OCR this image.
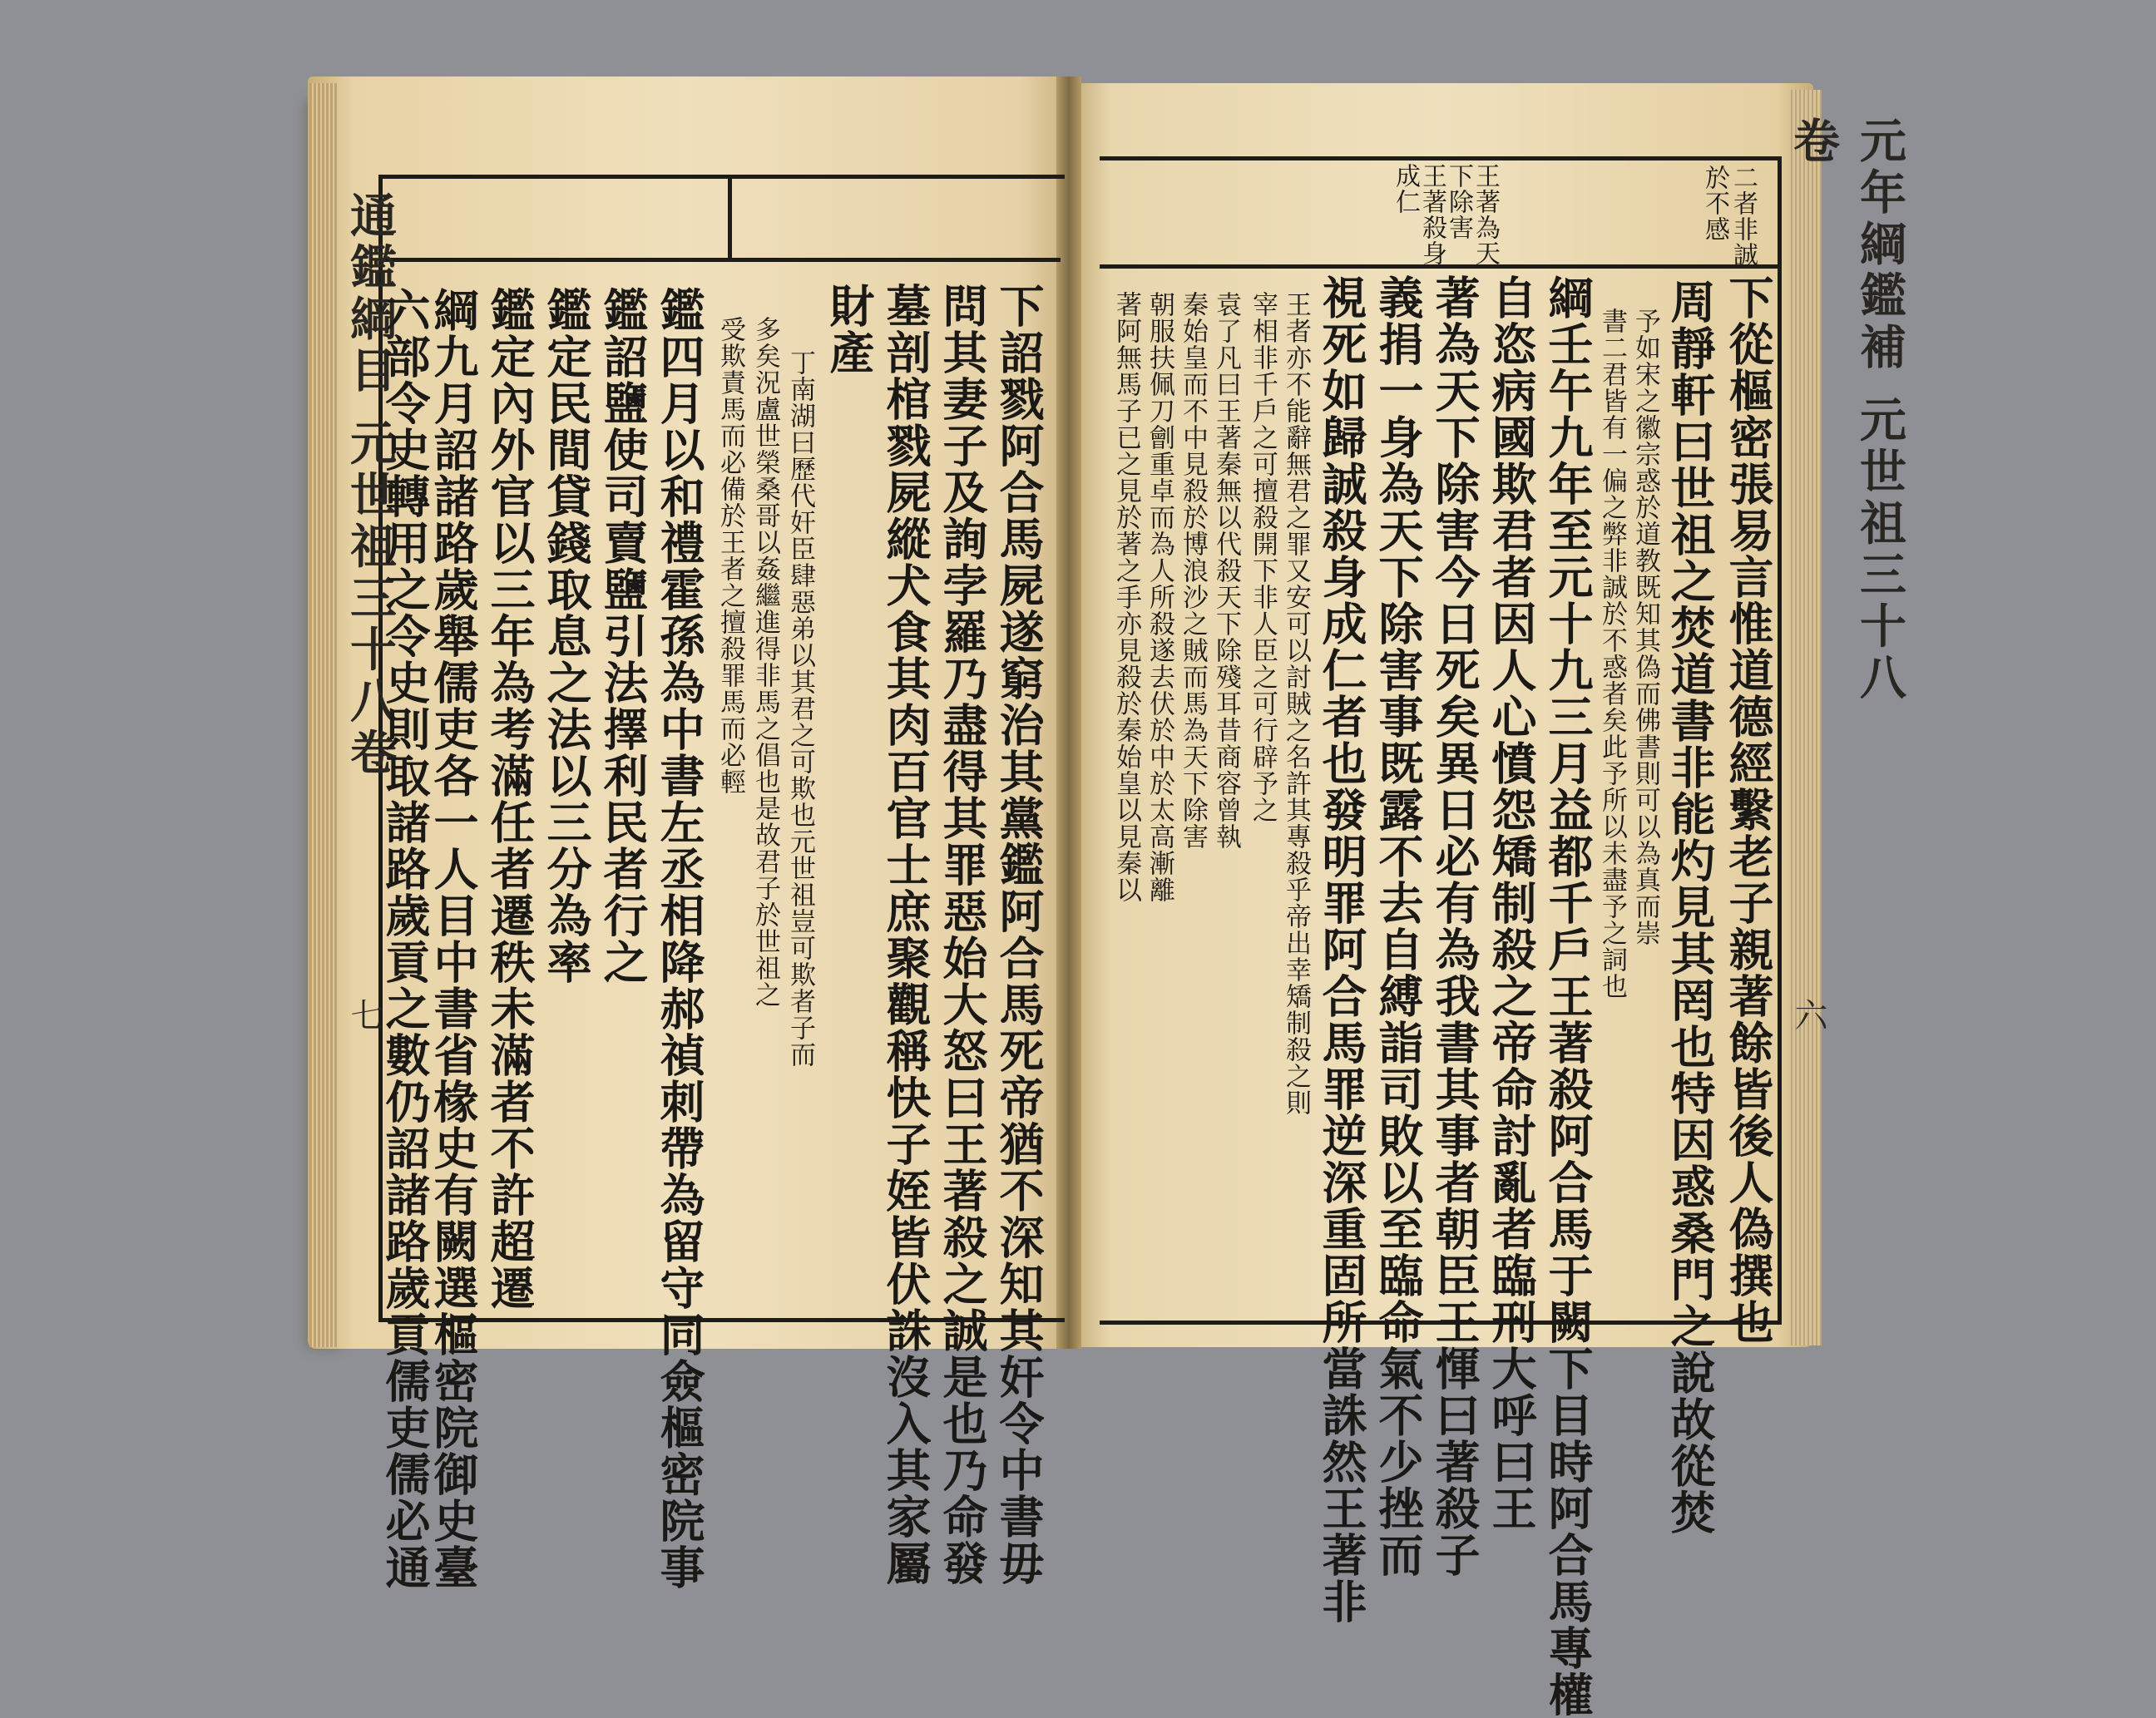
通鑑綱目 元世祖三十八卷
七	下詔戮阿合馬屍遂窮治其黨鑑阿合馬死帝猶不深知其奸令中書毋
問其妻子及詢孛羅乃盡得其罪惡始大怒曰王著殺之誠是也乃命發
墓剖棺戮屍縱犬食其肉百官士庶聚觀稱快子姪皆伏誅沒入其家屬
財產
丁南湖曰歷代奸臣肆惡弟以其君之可欺也元世祖豈可欺者子而
多矣況盧世榮桑哥以姦繼進得非馬之倡也是故君子於世祖之
受欺責馬而必備於王者之擅殺罪馬而必輕
鑑四月以和禮霍孫為中書左丞相降郝禎刺帶為留守同僉樞密院事
鑑詔鹽使司賣鹽引法擇利民者行之
鑑定民間貸錢取息之法以三分為率
鑑定內外官以三年為考滿任者遷秩未滿者不許超遷
綱九月詔諸路歲舉儒吏各一人目中書省椽史有闕選樞密院御史臺
六部令史轉用之令史則取諸路歲貢之數仍詔諸路歲貢儒吏儒必通	元年綱鑑補 元世祖三十八卷
六
二者非誠
於不感
王著為天
下除害
王著殺身
成仁
下從樞密張易言惟道德經繫老子親著餘皆後人偽撰也
周靜軒曰世祖之焚道書非能灼見其罔也特因惑桑門之說故從焚
予如宋之徽宗惑於道教既知其偽而佛書則可以為真而崇
書二君皆有一偏之弊非誠於不惑者矣此予所以未盡予之詞也
綱壬午九年至元十九三月益都千戶王著殺阿合馬于闕下目時阿合馬專權
自恣病國欺君者因人心憤怨矯制殺之帝命討亂者臨刑大呼曰王
著為天下除害今日死矣異日必有為我書其事者朝臣王惲曰著殺子
義捐一身為天下除害事既露不去自縛詣司敗以至臨命氣不少挫而
視死如歸誠殺身成仁者也發明罪阿合馬罪逆深重固所當誅然王著非
王者亦不能辭無君之罪又安可以討賊之名許其專殺乎帝出幸矯制殺之則
宰相非千戶之可擅殺開下非人臣之可行辟予之
袁了凡曰王著秦無以代殺天下除殘耳昔商容曾執
秦始皇而不中見殺於博浪沙之賊而馬為天下除害
朝服扶佩刀劊重卓而為人所殺遂去伏於中於太高漸離
著阿無馬子已之見於著之手亦見殺於秦始皇以見秦以
